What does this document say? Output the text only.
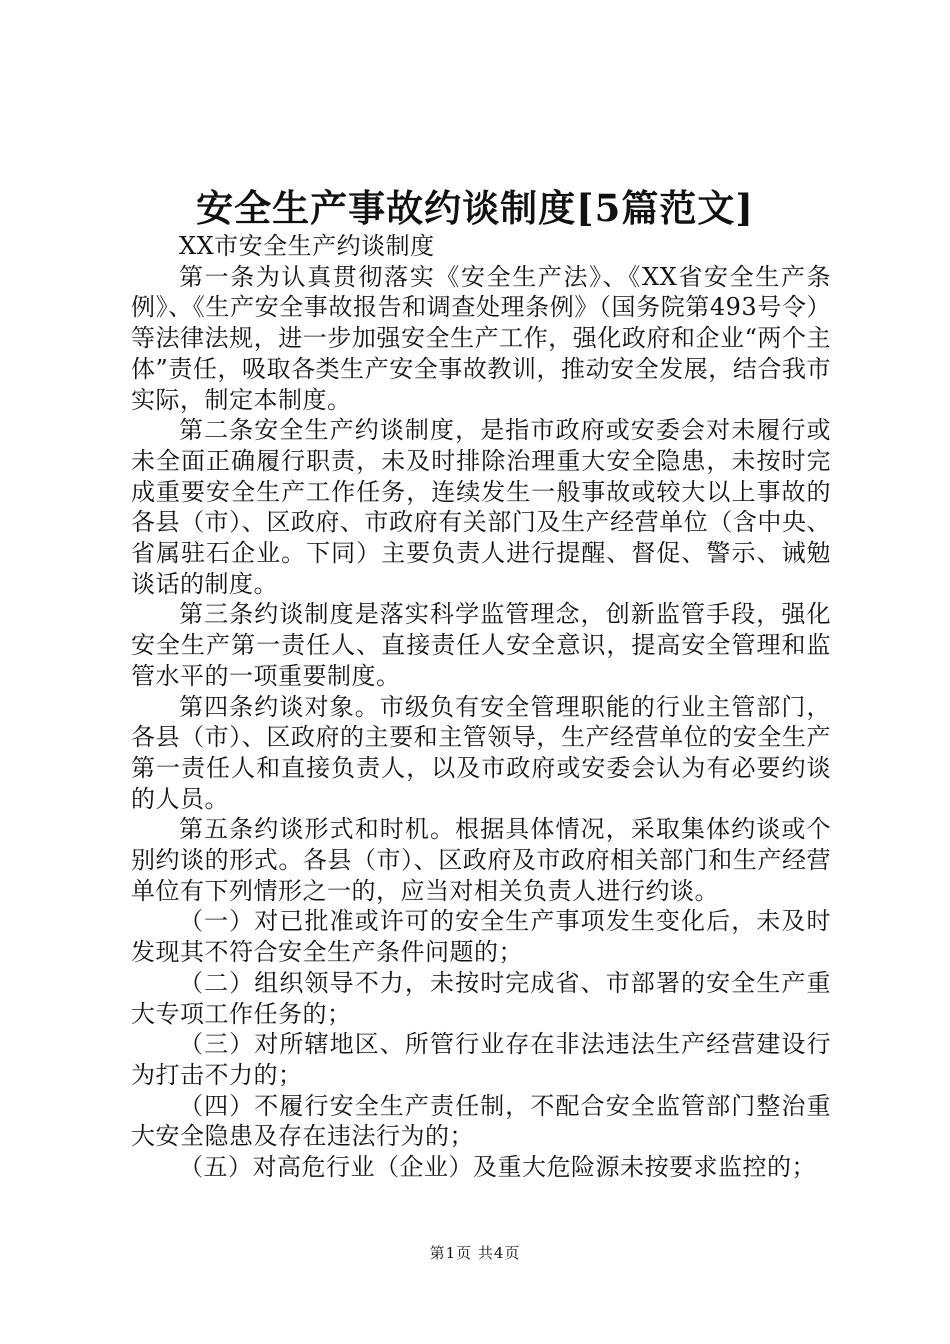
安全生产事故约谈制度[5篇范文]

XX市安全生产约谈制度

第一条为认真贯彻落实《安全生产法》、《XX省安全生产条例》、《生产安全事故报告和调查处理条例》（国务院第493号令）等法律法规，进一步加强安全生产工作，强化政府和企业“两个主体”责任，吸取各类生产安全事故教训，推动安全发展，结合我市实际，制定本制度。

第二条安全生产约谈制度，是指市政府或安委会对未履行或未全面正确履行职责，未及时排除治理重大安全隐患，未按时完成重要安全生产工作任务，连续发生一般事故或较大以上事故的各县（市）、区政府、市政府有关部门及生产经营单位（含中央、省属驻石企业。下同）主要负责人进行提醒、督促、警示、诫勉谈话的制度。

第三条约谈制度是落实科学监管理念，创新监管手段，强化安全生产第一责任人、直接责任人安全意识，提高安全管理和监管水平的一项重要制度。

第四条约谈对象。市级负有安全管理职能的行业主管部门，各县（市）、区政府的主要和主管领导，生产经营单位的安全生产第一责任人和直接负责人，以及市政府或安委会认为有必要约谈的人员。

第五条约谈形式和时机。根据具体情况，采取集体约谈或个别约谈的形式。各县（市）、区政府及市政府相关部门和生产经营单位有下列情形之一的，应当对相关负责人进行约谈。

（一）对已批准或许可的安全生产事项发生变化后，未及时发现其不符合安全生产条件问题的；

（二）组织领导不力，未按时完成省、市部署的安全生产重大专项工作任务的；

（三）对所辖地区、所管行业存在非法违法生产经营建设行为打击不力的；

（四）不履行安全生产责任制，不配合安全监管部门整治重大安全隐患及存在违法行为的；

（五）对高危行业（企业）及重大危险源未按要求监控的；

第1页 共4页
